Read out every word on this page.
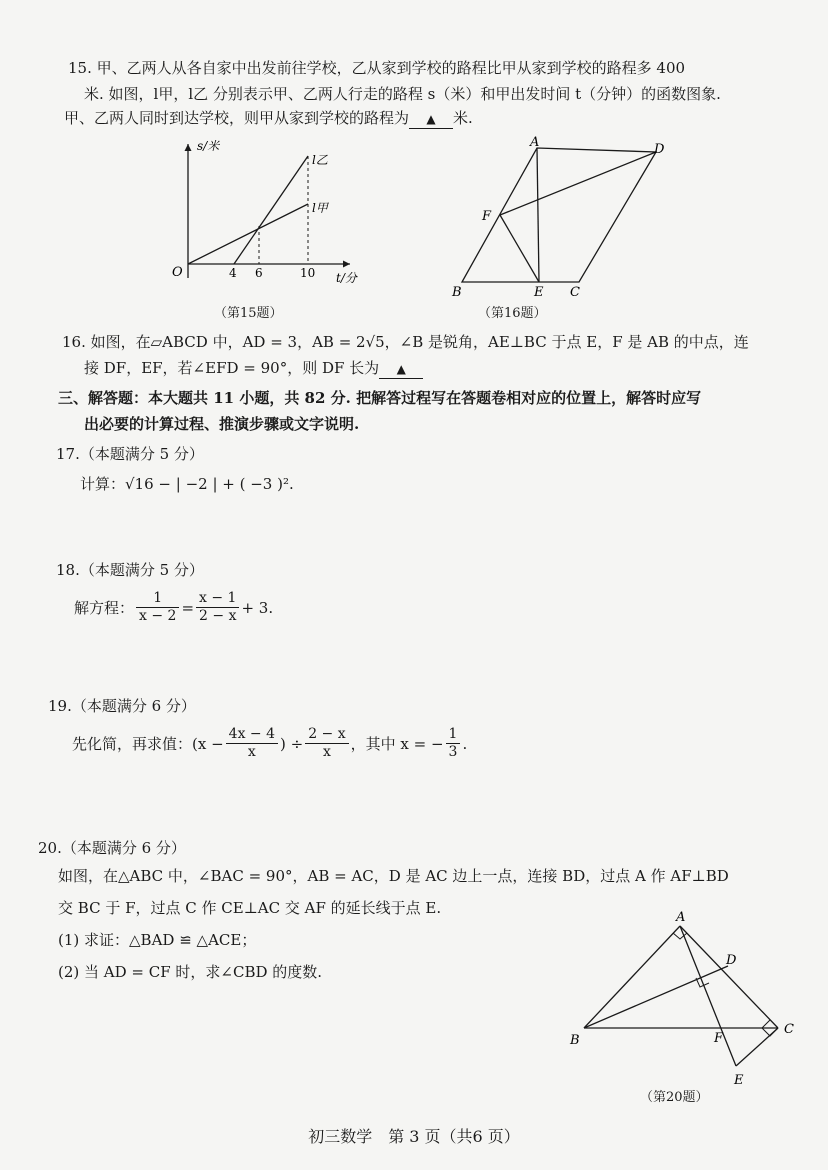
15. 甲、乙两人从各自家中出发前往学校，乙从家到学校的路程比甲从家到学校的路程多 400
米. 如图，l甲，l乙 分别表示甲、乙两人行走的路程 s（米）和甲出发时间 t（分钟）的函数图象.
甲、乙两人同时到达学校，则甲从家到学校的路程为 ▲ 米.
s/米
t/分
O	4 6	10
l乙
l甲
（第15题）
A	D
F
B	E C
（第16题）
16. 如图，在▱ABCD 中，AD = 3，AB = 2√5，∠B 是锐角，AE⊥BC 于点 E，F 是 AB 的中点，连
接 DF，EF，若∠EFD = 90°，则 DF 长为 ▲
三、解答题：本大题共 11 小题，共 82 分. 把解答过程写在答题卷相对应的位置上，解答时应写
出必要的计算过程、推演步骤或文字说明.
17.（本题满分 5 分）
计算：√16 − | −2 | + ( −3 )².
18.（本题满分 5 分）
解方程： $\frac{1}{x - 2} = \frac{x - 1}{2 - x} + 3$.
19.（本题满分 6 分）
先化简，再求值：($x - \frac{4x - 4}{x}$ ) ÷ $\frac{2 - x}{x}$ ，其中 x = − $\frac{1}{3}$ .
20.（本题满分 6 分）
如图，在△ABC 中，∠BAC = 90°，AB = AC，D 是 AC 边上一点，连接 BD，过点 A 作 AF⊥BD
交 BC 于 F，过点 C 作 CE⊥AC 交 AF 的延长线于点 E.
(1) 求证：△BAD ≌ △ACE；
(2) 当 AD = CF 时，求∠CBD 的度数.
A
D
B	F
C
E
（第20题）
初三数学　第 3 页（共6 页）
